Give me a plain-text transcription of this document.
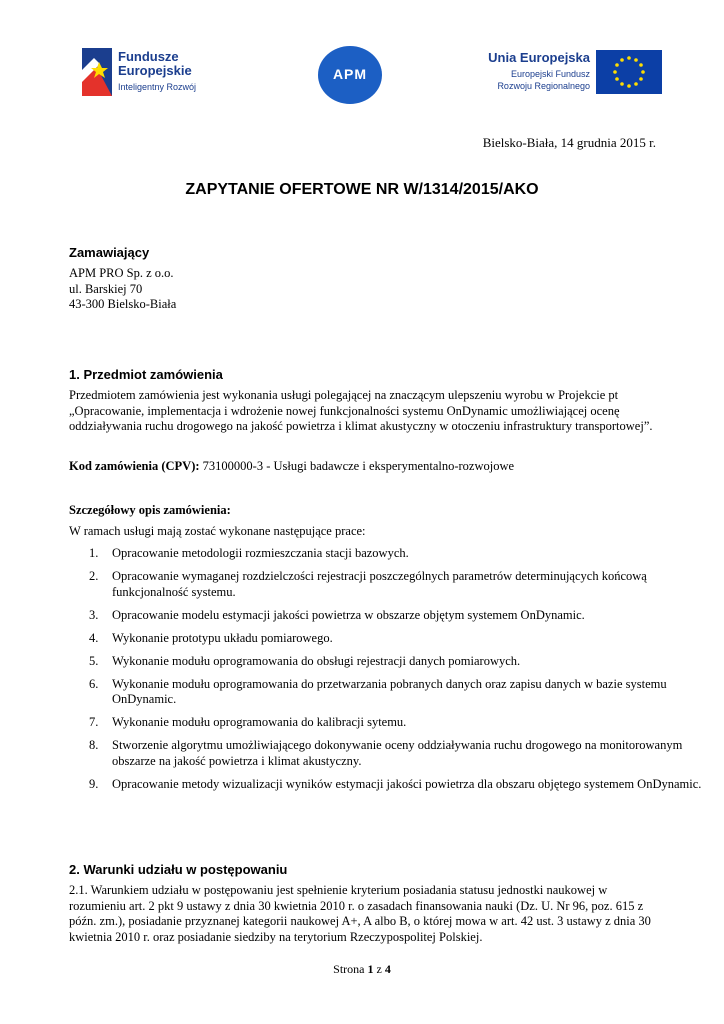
Fundusze
Europejskie
Inteligentny Rozwój
APM
Unia Europejska
Europejski Fundusz
Rozwoju Regionalnego
Bielsko-Biała, 14 grudnia 2015 r.
ZAPYTANIE OFERTOWE NR W/1314/2015/AKO
Zamawiający
APM PRO Sp. z o.o.
ul. Barskiej 70
43-300 Bielsko-Biała
1. Przedmiot zamówienia
Przedmiotem zamówienia jest wykonania usługi polegającej na znaczącym ulepszeniu wyrobu w Projekcie pt „Opracowanie, implementacja i wdrożenie nowej funkcjonalności systemu OnDynamic umożliwiającej ocenę oddziaływania ruchu drogowego na jakość powietrza i klimat akustyczny w otoczeniu infrastruktury transportowej”.
Kod zamówienia (CPV): 73100000-3 - Usługi badawcze i eksperymentalno-rozwojowe
Szczegółowy opis zamówienia:
W ramach usługi mają zostać wykonane następujące prace:
Opracowanie metodologii rozmieszczania stacji bazowych.
Opracowanie wymaganej rozdzielczości rejestracji poszczególnych parametrów determinujących końcową funkcjonalność systemu.
Opracowanie modelu estymacji jakości powietrza w obszarze objętym systemem OnDynamic.
Wykonanie prototypu układu pomiarowego.
Wykonanie modułu oprogramowania do obsługi rejestracji danych pomiarowych.
Wykonanie modułu oprogramowania do przetwarzania pobranych danych oraz zapisu danych w bazie systemu OnDynamic.
Wykonanie modułu oprogramowania do kalibracji sytemu.
Stworzenie algorytmu umożliwiającego dokonywanie oceny oddziaływania ruchu drogowego na monitorowanym obszarze na jakość powietrza i klimat akustyczny.
Opracowanie metody wizualizacji wyników estymacji jakości powietrza dla obszaru objętego systemem OnDynamic.
2. Warunki udziału w postępowaniu
2.1. Warunkiem udziału w postępowaniu jest spełnienie kryterium posiadania statusu jednostki naukowej w rozumieniu art. 2 pkt 9 ustawy z dnia 30 kwietnia 2010 r. o zasadach finansowania nauki (Dz. U. Nr 96, poz. 615 z późn. zm.), posiadanie przyznanej kategorii naukowej A+, A albo B, o której mowa w art. 42 ust. 3 ustawy z dnia 30 kwietnia 2010 r. oraz posiadanie siedziby na terytorium Rzeczypospolitej Polskiej.
Strona 1 z 4
